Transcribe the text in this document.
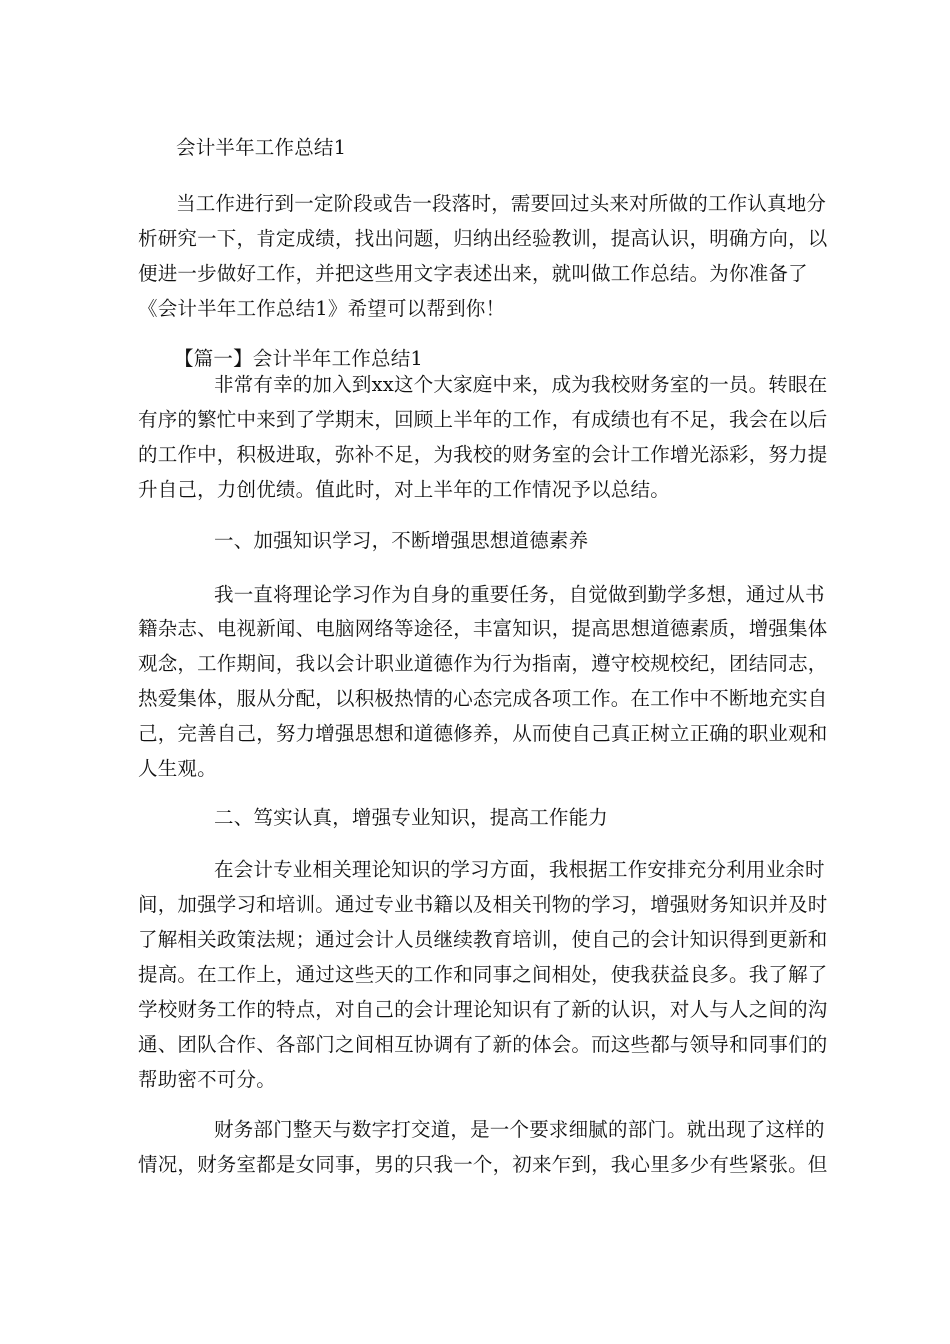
会计半年工作总结1
当工作进行到一定阶段或告一段落时，需要回过头来对所做的工作认真地分
析研究一下，肯定成绩，找出问题，归纳出经验教训，提高认识，明确方向，以
便进一步做好工作，并把这些用文字表述出来，就叫做工作总结。为你准备了
《会计半年工作总结1》希望可以帮到你！
【篇一】会计半年工作总结1
非常有幸的加入到xx这个大家庭中来，成为我校财务室的一员。转眼在
有序的繁忙中来到了学期末，回顾上半年的工作，有成绩也有不足，我会在以后
的工作中，积极进取，弥补不足，为我校的财务室的会计工作增光添彩，努力提
升自己，力创优绩。值此时，对上半年的工作情况予以总结。
一、加强知识学习，不断增强思想道德素养
我一直将理论学习作为自身的重要任务，自觉做到勤学多想，通过从书
籍杂志、电视新闻、电脑网络等途径，丰富知识，提高思想道德素质，增强集体
观念，工作期间，我以会计职业道德作为行为指南，遵守校规校纪，团结同志，
热爱集体，服从分配，以积极热情的心态完成各项工作。在工作中不断地充实自
己，完善自己，努力增强思想和道德修养，从而使自己真正树立正确的职业观和
人生观。
二、笃实认真，增强专业知识，提高工作能力
在会计专业相关理论知识的学习方面，我根据工作安排充分利用业余时
间，加强学习和培训。通过专业书籍以及相关刊物的学习，增强财务知识并及时
了解相关政策法规；通过会计人员继续教育培训，使自己的会计知识得到更新和
提高。在工作上，通过这些天的工作和同事之间相处，使我获益良多。我了解了
学校财务工作的特点，对自己的会计理论知识有了新的认识，对人与人之间的沟
通、团队合作、各部门之间相互协调有了新的体会。而这些都与领导和同事们的
帮助密不可分。
财务部门整天与数字打交道，是一个要求细腻的部门。就出现了这样的
情况，财务室都是女同事，男的只我一个，初来乍到，我心里多少有些紧张。但
